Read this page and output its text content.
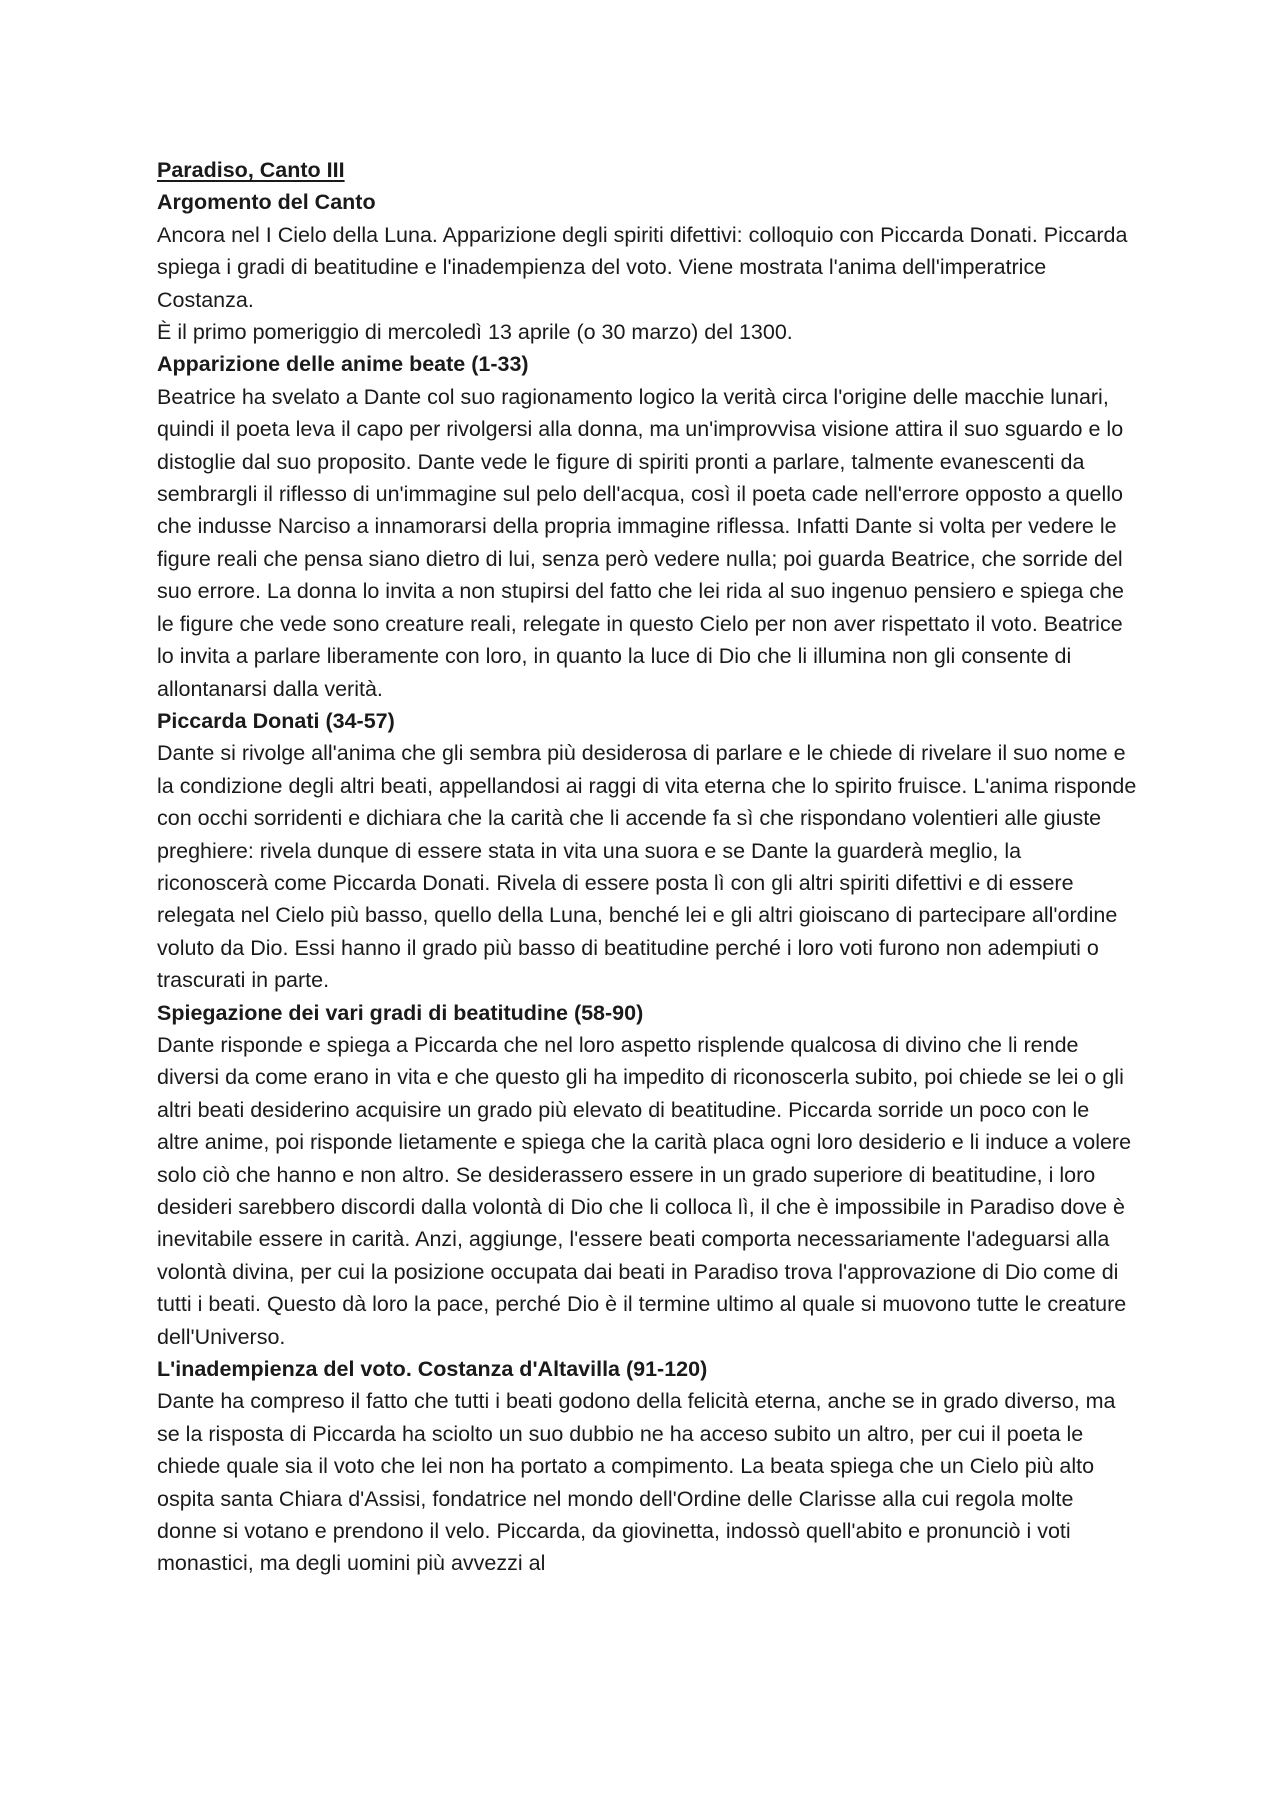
Paradiso, Canto III

Argomento del Canto

Ancora nel I Cielo della Luna. Apparizione degli spiriti difettivi: colloquio con Piccarda Donati. Piccarda spiega i gradi di beatitudine e l'inadempienza del voto. Viene mostrata l'anima dell'imperatrice Costanza.

È il primo pomeriggio di mercoledì 13 aprile (o 30 marzo) del 1300.

Apparizione delle anime beate (1-33)

Beatrice ha svelato a Dante col suo ragionamento logico la verità circa l'origine delle macchie lunari, quindi il poeta leva il capo per rivolgersi alla donna, ma un'improvvisa visione attira il suo sguardo e lo distoglie dal suo proposito. Dante vede le figure di spiriti pronti a parlare, talmente evanescenti da sembrargli il riflesso di un'immagine sul pelo dell'acqua, così il poeta cade nell'errore opposto a quello che indusse Narciso a innamorarsi della propria immagine riflessa. Infatti Dante si volta per vedere le figure reali che pensa siano dietro di lui, senza però vedere nulla; poi guarda Beatrice, che sorride del suo errore. La donna lo invita a non stupirsi del fatto che lei rida al suo ingenuo pensiero e spiega che le figure che vede sono creature reali, relegate in questo Cielo per non aver rispettato il voto. Beatrice lo invita a parlare liberamente con loro, in quanto la luce di Dio che li illumina non gli consente di allontanarsi dalla verità.

Piccarda Donati (34-57)

Dante si rivolge all'anima che gli sembra più desiderosa di parlare e le chiede di rivelare il suo nome e la condizione degli altri beati, appellandosi ai raggi di vita eterna che lo spirito fruisce. L'anima risponde con occhi sorridenti e dichiara che la carità che li accende fa sì che rispondano volentieri alle giuste preghiere: rivela dunque di essere stata in vita una suora e se Dante la guarderà meglio, la riconoscerà come Piccarda Donati. Rivela di essere posta lì con gli altri spiriti difettivi e di essere relegata nel Cielo più basso, quello della Luna, benché lei e gli altri gioiscano di partecipare all'ordine voluto da Dio. Essi hanno il grado più basso di beatitudine perché i loro voti furono non adempiuti o trascurati in parte.

Spiegazione dei vari gradi di beatitudine (58-90)

Dante risponde e spiega a Piccarda che nel loro aspetto risplende qualcosa di divino che li rende diversi da come erano in vita e che questo gli ha impedito di riconoscerla subito, poi chiede se lei o gli altri beati desiderino acquisire un grado più elevato di beatitudine. Piccarda sorride un poco con le altre anime, poi risponde lietamente e spiega che la carità placa ogni loro desiderio e li induce a volere solo ciò che hanno e non altro. Se desiderassero essere in un grado superiore di beatitudine, i loro desideri sarebbero discordi dalla volontà di Dio che li colloca lì, il che è impossibile in Paradiso dove è inevitabile essere in carità. Anzi, aggiunge, l'essere beati comporta necessariamente l'adeguarsi alla volontà divina, per cui la posizione occupata dai beati in Paradiso trova l'approvazione di Dio come di tutti i beati. Questo dà loro la pace, perché Dio è il termine ultimo al quale si muovono tutte le creature dell'Universo.

L'inadempienza del voto. Costanza d'Altavilla (91-120)

Dante ha compreso il fatto che tutti i beati godono della felicità eterna, anche se in grado diverso, ma se la risposta di Piccarda ha sciolto un suo dubbio ne ha acceso subito un altro, per cui il poeta le chiede quale sia il voto che lei non ha portato a compimento. La beata spiega che un Cielo più alto ospita santa Chiara d'Assisi, fondatrice nel mondo dell'Ordine delle Clarisse alla cui regola molte donne si votano e prendono il velo. Piccarda, da giovinetta, indossò quell'abito e pronunciò i voti monastici, ma degli uomini più avvezzi al
